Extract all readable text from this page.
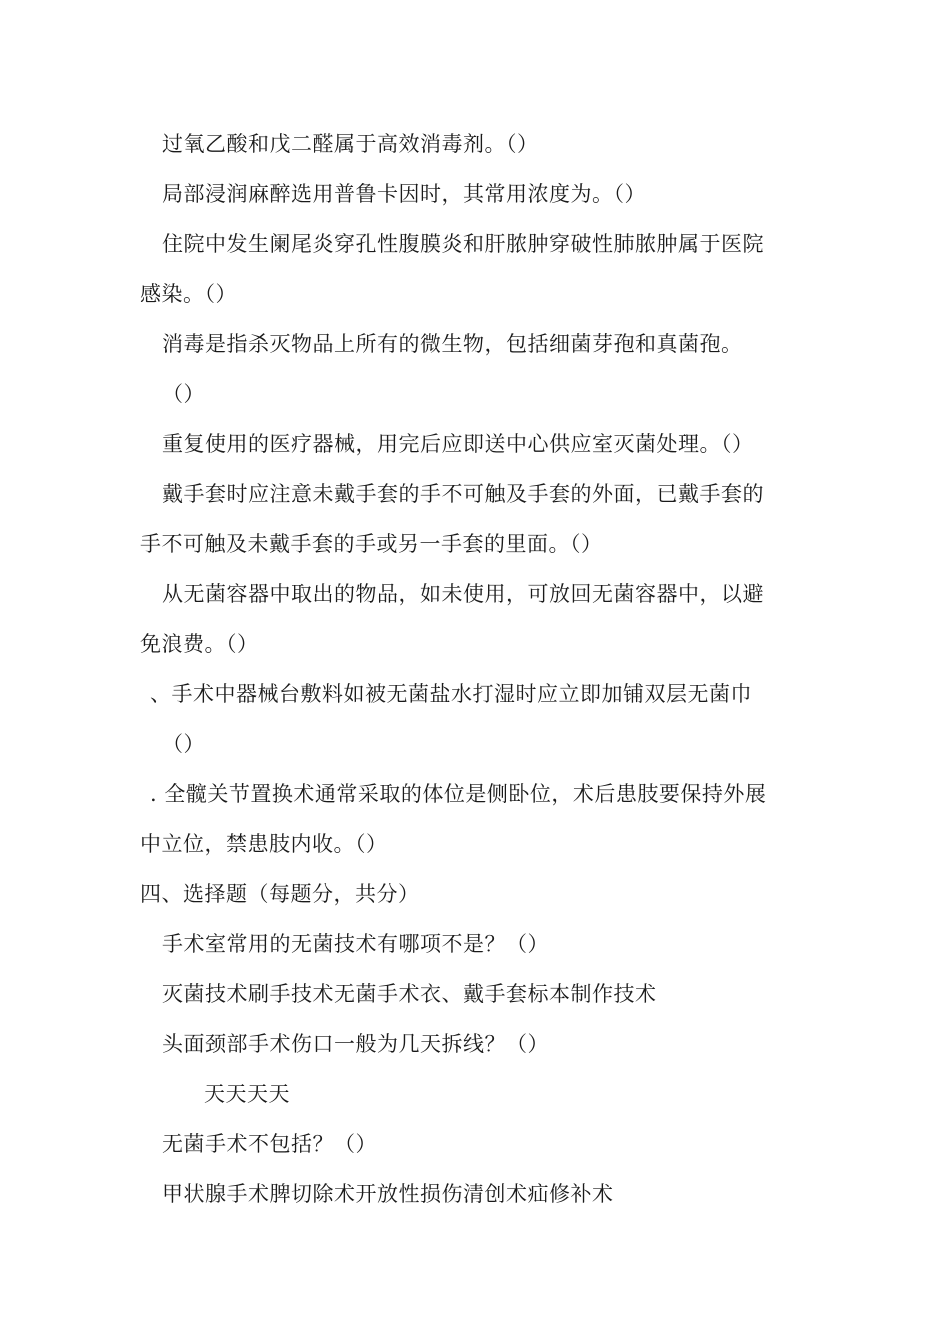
过氧乙酸和戊二醛属于高效消毒剂。（）
局部浸润麻醉选用普鲁卡因时，其常用浓度为。（）
住院中发生阑尾炎穿孔性腹膜炎和肝脓肿穿破性肺脓肿属于医院
感染。（）
消毒是指杀灭物品上所有的微生物，包括细菌芽孢和真菌孢。
（）
重复使用的医疗器械，用完后应即送中心供应室灭菌处理。（）
戴手套时应注意未戴手套的手不可触及手套的外面，已戴手套的
手不可触及未戴手套的手或另一手套的里面。（）
从无菌容器中取出的物品，如未使用，可放回无菌容器中，以避
免浪费。（）
、手术中器械台敷料如被无菌盐水打湿时应立即加铺双层无菌巾
（）
. 全髋关节置换术通常采取的体位是侧卧位，术后患肢要保持外展
中立位，禁患肢内收。（）
四、选择题（每题分，共分）
手术室常用的无菌技术有哪项不是？（）
灭菌技术刷手技术无菌手术衣、戴手套标本制作技术
头面颈部手术伤口一般为几天拆线？（）
天天天天
无菌手术不包括？（）
甲状腺手术脾切除术开放性损伤清创术疝修补术
